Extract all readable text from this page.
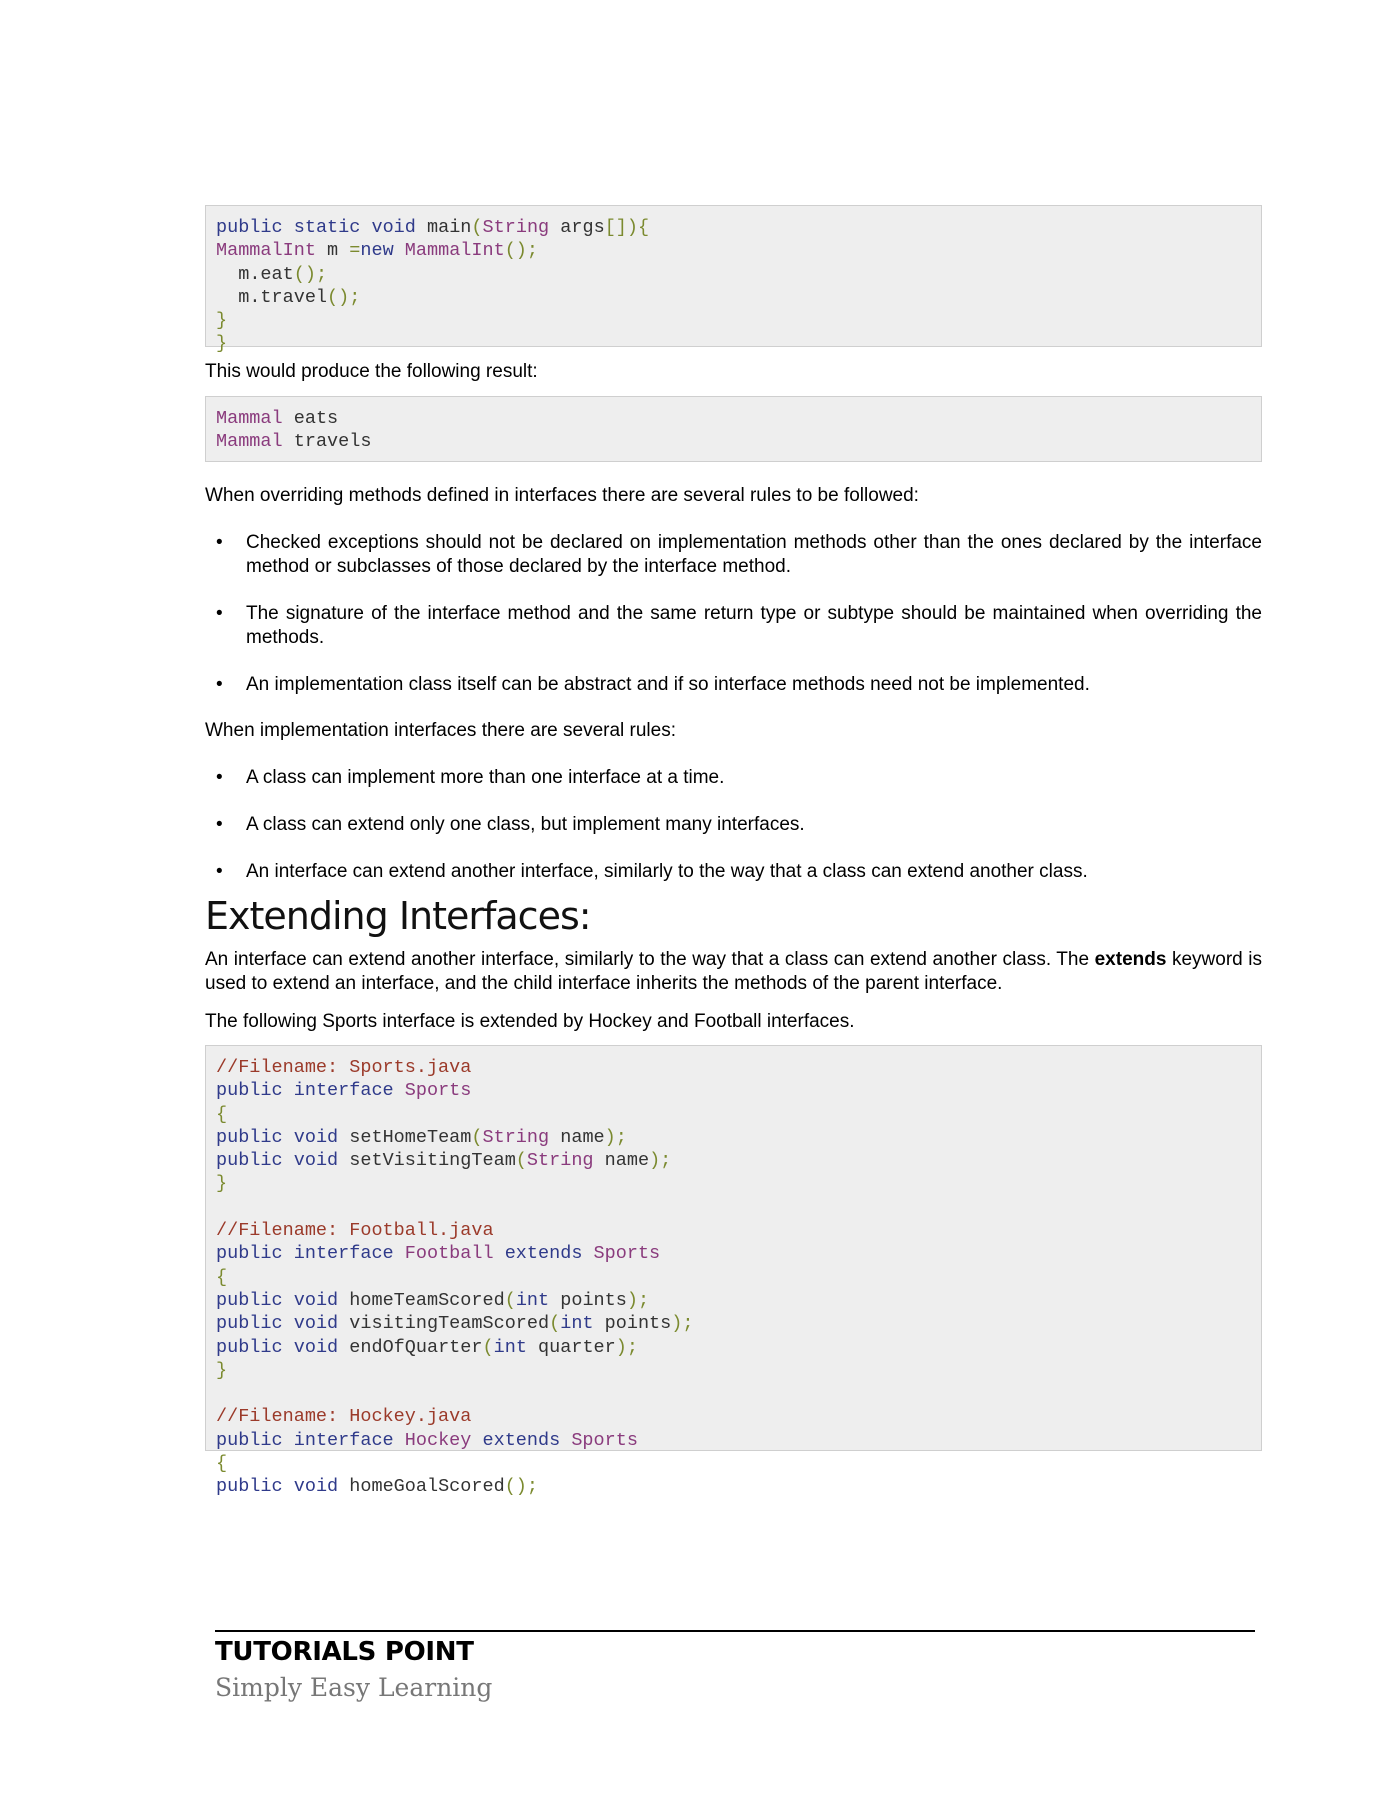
public static void main(String args[]){
MammalInt m =new MammalInt();
m.eat();
m.travel();
}
}

This would produce the following result:

Mammal eats
Mammal travels

When overriding methods defined in interfaces there are several rules to be followed:

• Checked exceptions should not be declared on implementation methods other than the ones declared by the interface method or subclasses of those declared by the interface method.
• The signature of the interface method and the same return type or subtype should be maintained when overriding the methods.
• An implementation class itself can be abstract and if so interface methods need not be implemented.

When implementation interfaces there are several rules:

• A class can implement more than one interface at a time.
• A class can extend only one class, but implement many interfaces.
• An interface can extend another interface, similarly to the way that a class can extend another class.
Extending Interfaces:

An interface can extend another interface, similarly to the way that a class can extend another class. The extends keyword is used to extend an interface, and the child interface inherits the methods of the parent interface.

The following Sports interface is extended by Hockey and Football interfaces.

//Filename: Sports.java
public interface Sports
{
public void setHomeTeam(String name);
public void setVisitingTeam(String name);
}

//Filename: Football.java
public interface Football extends Sports
{
public void homeTeamScored(int points);
public void visitingTeamScored(int points);
public void endOfQuarter(int quarter);
}

//Filename: Hockey.java
public interface Hockey extends Sports
{
public void homeGoalScored();
TUTORIALS POINT
Simply Easy Learning
